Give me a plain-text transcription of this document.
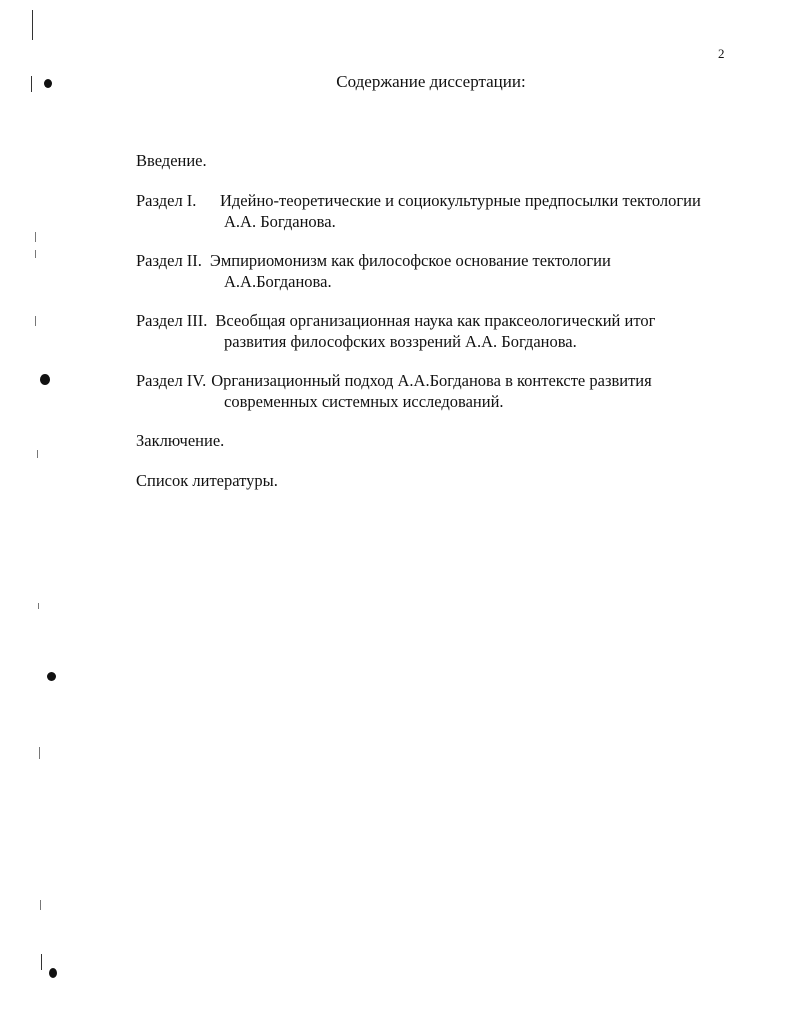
2
Содержание диссертации:

Введение.

Раздел I.	Идейно-теоретические и социокультурные предпосылки тектологии
А.А. Богданова.
Раздел II. Эмпириомонизм как философское основание тектологии
А.А.Богданова.
Раздел III. Всеобщая организационная наука как праксеологический итог
развития философских воззрений А.А. Богданова.
Раздел IV. Организационный подход А.А.Богданова в контексте развития
современных системных исследований.

Заключение.

Список литературы.
